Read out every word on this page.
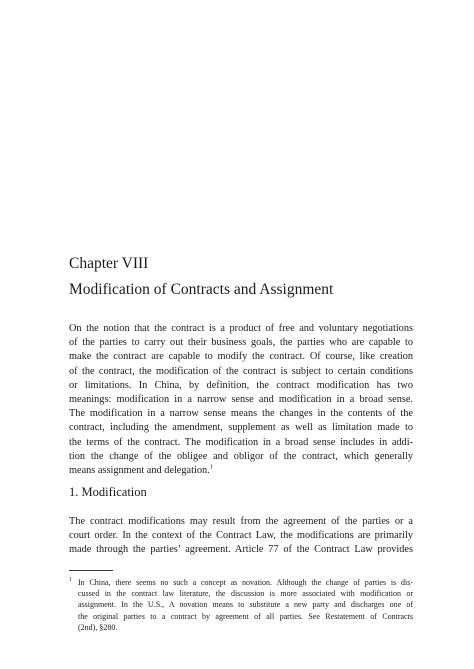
Chapter VIII
Modification of Contracts and Assignment
On the notion that the contract is a product of free and voluntary negotiations
of the parties to carry out their business goals, the parties who are capable to
make the contract are capable to modify the contract. Of course, like creation
of the contract, the modification of the contract is subject to certain conditions
or limitations. In China, by definition, the contract modification has two
meanings: modification in a narrow sense and modification in a broad sense.
The modification in a narrow sense means the changes in the contents of the
contract, including the amendment, supplement as well as limitation made to
the terms of the contract. The modification in a broad sense includes in addi-
tion the change of the obligee and obligor of the contract, which generally
means assignment and delegation.$^1$
1. Modification
The contract modifications may result from the agreement of the parties or a
court order. In the context of the Contract Law, the modifications are primarily
made through the parties’ agreement. Article 77 of the Contract Law provides
1 In China, there seems no such a concept as novation. Although the change of parties is dis-
cussed in the contract law literature, the discussion is more associated with modification or
assignment. In the U.S., A novation means to substitute a new party and discharges one of
the original parties to a contract by agreement of all parties. See Restatement of Contracts
(2nd), §280.
